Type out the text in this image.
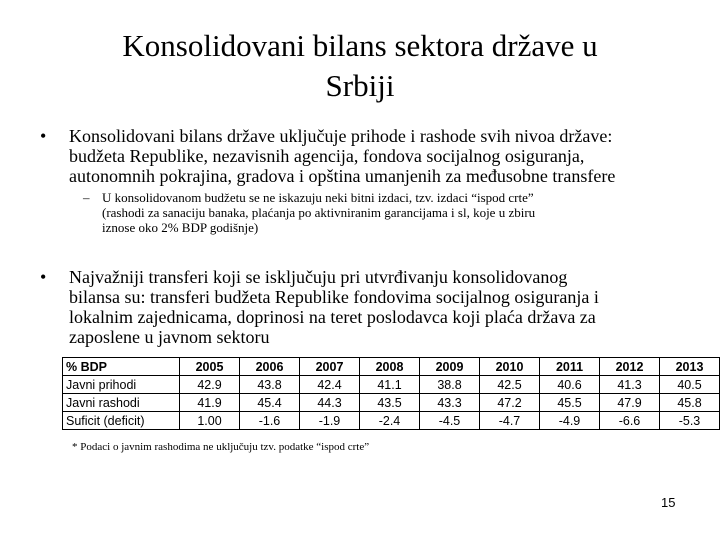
Konsolidovani bilans sektora države u
Srbiji
• Konsolidovani bilans države uključuje prihode i rashode svih nivoa države:
budžeta Republike, nezavisnih agencija, fondova socijalnog osiguranja,
autonomnih pokrajina, gradova i opština umanjenih za međusobne transfere
– U konsolidovanom budžetu se ne iskazuju neki bitni izdaci, tzv. izdaci “ispod crte”
(rashodi za sanaciju banaka, plaćanja po aktivniranim garancijama i sl, koje u zbiru
iznose oko 2% BDP godišnje)
• Najvažniji transferi koji se isključuju pri utvrđivanju konsolidovanog
bilansa su: transferi budžeta Republike fondovima socijalnog osiguranja i
lokalnim zajednicama, doprinosi na teret poslodavca koji plaća država za
zaposlene u javnom sektoru
% BDP	2005	2006	2007	2008	2009	2010	2011	2012	2013
Javni prihodi	42.9	43.8	42.4	41.1	38.8	42.5	40.6	41.3	40.5
Javni rashodi	41.9	45.4	44.3	43.5	43.3	47.2	45.5	47.9	45.8
Suficit (deficit)	1.00	-1.6	-1.9	-2.4	-4.5	-4.7	-4.9	-6.6	-5.3
* Podaci o javnim rashodima ne uključuju tzv. podatke “ispod crte”
15
